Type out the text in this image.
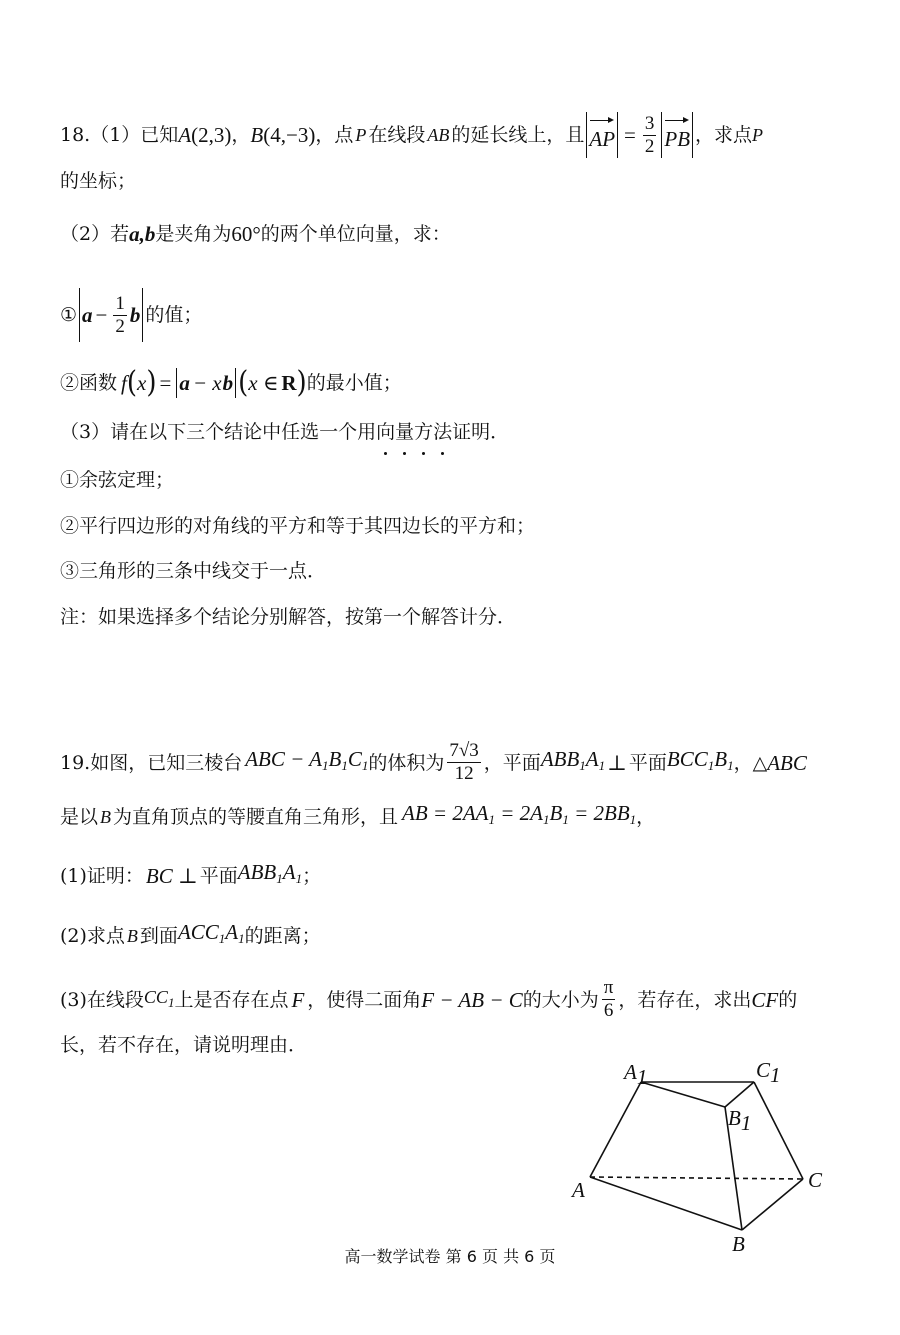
18.（1）已知 A (2,3) ， B (4,−3) ，点 P 在线段 AB 的延长线上，且 AP = $\frac{3}{2}$ PB ，求点 P
的坐标；
（2）若 a,b 是夹角为 60° 的两个单位向量，求：
① $a - \frac{1}{2}$ b 的值；
②函数 f ( x ) = a − x b ( x ∈ R ) 的最小值；
（3）请在以下三个结论中任选一个用 向量方法 证明．
①余弦定理；
②平行四边形的对角线的平方和等于其四边长的平方和；
③三角形的三条中线交于一点．
注：如果选择多个结论分别解答，按第一个解答计分．
19.如图，已知三棱台 ABC − $A_1B_1C_1$ 的体积为 $\frac{7√3}{12}$ ，平面 $ABB_1A_1$ ⊥ 平面 $BCC_1B_1$ ，△ ABC
是以 B 为直角顶点的等腰直角三角形，且 AB = $2AA_1 = 2A_1B_1 = 2BB_1$ ，
(1)证明： BC ⊥ 平面 $ABB_1A_1$ ；
(2)求点 B 到面 $ACC_1A_1$ 的距离；
(3)在线段 $CC_1$ 上是否存在点 F ，使得二面角 F − AB − C 的大小为 $\frac{\pi}{6}$ ，若存在，求出 CF 的
长，若不存在，请说明理由．
A1	C1
B1
A
B
C
高一数学试卷 第 6 页 共 6 页
